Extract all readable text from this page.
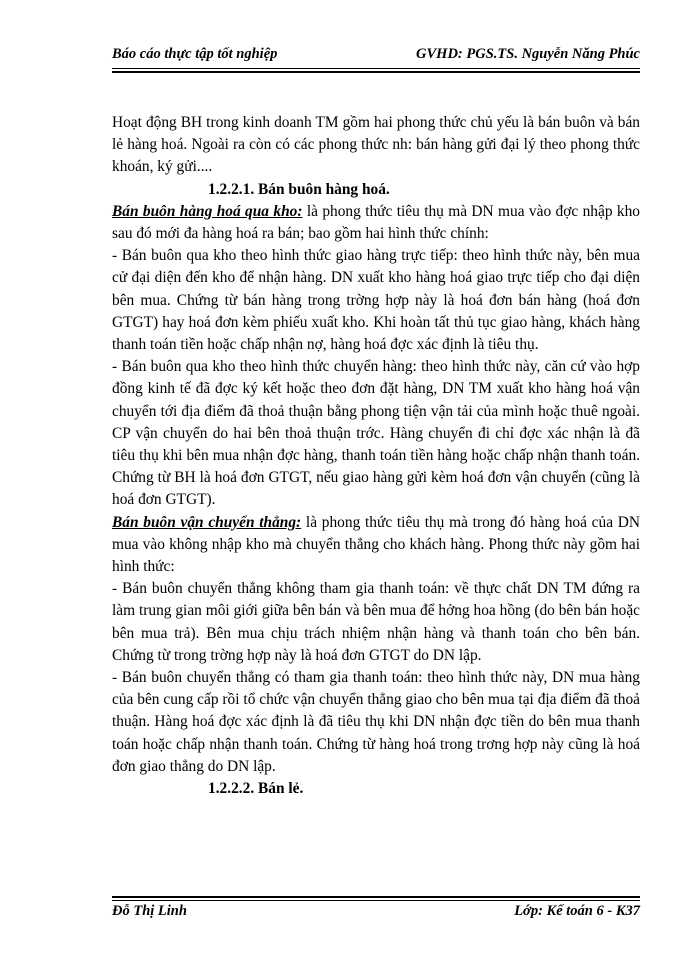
Báo cáo thực tập tốt nghiệp	GVHD: PGS.TS. Nguyễn Năng Phúc

Hoạt động BH trong kinh doanh TM gồm hai phong thức chủ yếu là bán buôn và bán lẻ hàng hoá. Ngoài ra còn có các phong thức nh: bán hàng gửi đại lý theo phong thức khoán, ký gửi....

1.2.2.1. Bán buôn hàng hoá.

Bán buôn hàng hoá qua kho: là phong thức tiêu thụ mà DN mua vào đợc nhập kho sau đó mới đa hàng hoá ra bán; bao gồm hai hình thức chính:

- Bán buôn qua kho theo hình thức giao hàng trực tiếp: theo hình thức này, bên mua cử đại diện đến kho để nhận hàng. DN xuất kho hàng hoá giao trực tiếp cho đại diện bên mua. Chứng từ bán hàng trong trờng hợp này là hoá đơn bán hàng (hoá đơn GTGT) hay hoá đơn kèm phiếu xuất kho. Khi hoàn tất thủ tục giao hàng, khách hàng thanh toán tiền hoặc chấp nhận nợ, hàng hoá đợc xác định là tiêu thụ.

- Bán buôn qua kho theo hình thức chuyển hàng: theo hình thức này, căn cứ vào hợp đồng kinh tế đã đợc ký kết hoặc theo đơn đặt hàng, DN TM xuất kho hàng hoá vận chuyển tới địa điểm đã thoả thuận bằng phong tiện vận tải của mình hoặc thuê ngoài. CP vận chuyển do hai bên thoả thuận trớc. Hàng chuyển đi chỉ đợc xác nhận là đã tiêu thụ khi bên mua nhận đợc hàng, thanh toán tiền hàng hoặc chấp nhận thanh toán. Chứng từ BH là hoá đơn GTGT, nếu giao hàng gửi kèm hoá đơn vận chuyển (cũng là hoá đơn GTGT).

Bán buôn vận chuyển thẳng: là phong thức tiêu thụ mà trong đó hàng hoá của DN mua vào không nhập kho mà chuyển thẳng cho khách hàng. Phong thức này gồm hai hình thức:

- Bán buôn chuyển thẳng không tham gia thanh toán: về thực chất DN TM đứng ra làm trung gian môi giới giữa bên bán và bên mua để hởng hoa hồng (do bên bán hoặc bên mua trả). Bên mua chịu trách nhiệm nhận hàng và thanh toán cho bên bán. Chứng từ trong trờng hợp này là hoá đơn GTGT do DN lập.

- Bán buôn chuyển thẳng có tham gia thanh toán: theo hình thức này, DN mua hàng của bên cung cấp rồi tổ chức vận chuyển thẳng giao cho bên mua tại địa điểm đã thoả thuận. Hàng hoá đợc xác định là đã tiêu thụ khi DN nhận đợc tiền do bên mua thanh toán hoặc chấp nhận thanh toán. Chứng từ hàng hoá trong trơng hợp này cũng là hoá đơn giao thẳng do DN lập.

1.2.2.2. Bán lẻ.

Đỗ Thị Linh	Lớp: Kế toán 6 - K37
